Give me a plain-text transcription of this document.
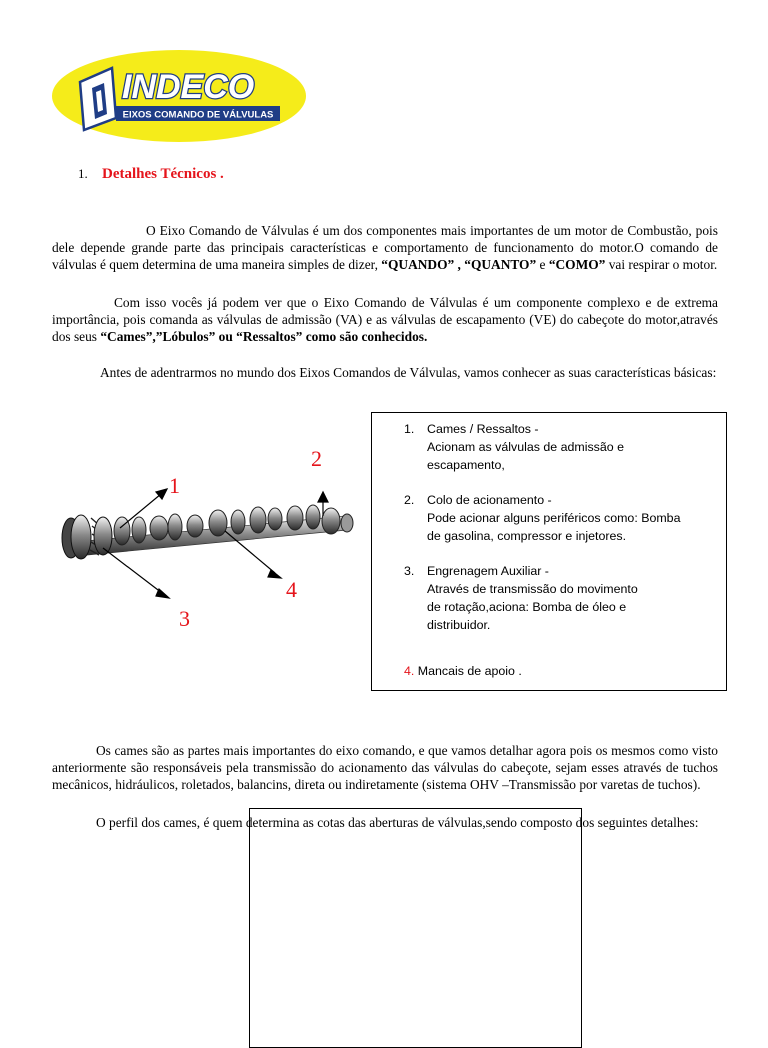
INDECO
EIXOS COMANDO DE VÁLVULAS
1. Detalhes Técnicos .

O Eixo Comando de Válvulas é um dos componentes mais importantes de um motor de Combustão, pois dele depende grande parte das principais características e comportamento de funcionamento do motor.O comando de válvulas é quem determina de uma maneira simples de dizer, “QUANDO” , “QUANTO” e “COMO” vai respirar o motor.

Com isso vocês já podem ver que o Eixo Comando de Válvulas é um componente complexo e de extrema importância, pois comanda as válvulas de admissão (VA) e as válvulas de escapamento (VE) do cabeçote do motor,através dos seus “Cames”,”Lóbulos” ou “Ressaltos” como são conhecidos.

Antes de adentrarmos no mundo dos Eixos Comandos de Válvulas, vamos conhecer as suas características básicas:

1
2
3
4
1.	Cames / Ressaltos -
Acionam as válvulas de admissão e
escapamento,
2.	Colo de acionamento -
Pode acionar alguns periféricos como: Bomba
de gasolina, compressor e injetores.
3.	Engrenagem Auxiliar -
Através de transmissão do movimento
de rotação,aciona: Bomba de óleo e
distribuidor.
4. Mancais de apoio .

Os cames são as partes mais importantes do eixo comando, e que vamos detalhar agora pois os mesmos como visto anteriormente são responsáveis pela transmissão do acionamento das válvulas do cabeçote, sejam esses através de tuchos mecânicos, hidráulicos, roletados, balancins, direta ou indiretamente (sistema OHV –Transmissão por varetas de tuchos).

O perfil dos cames, é quem determina as cotas das aberturas de válvulas,sendo composto dos seguintes detalhes:
